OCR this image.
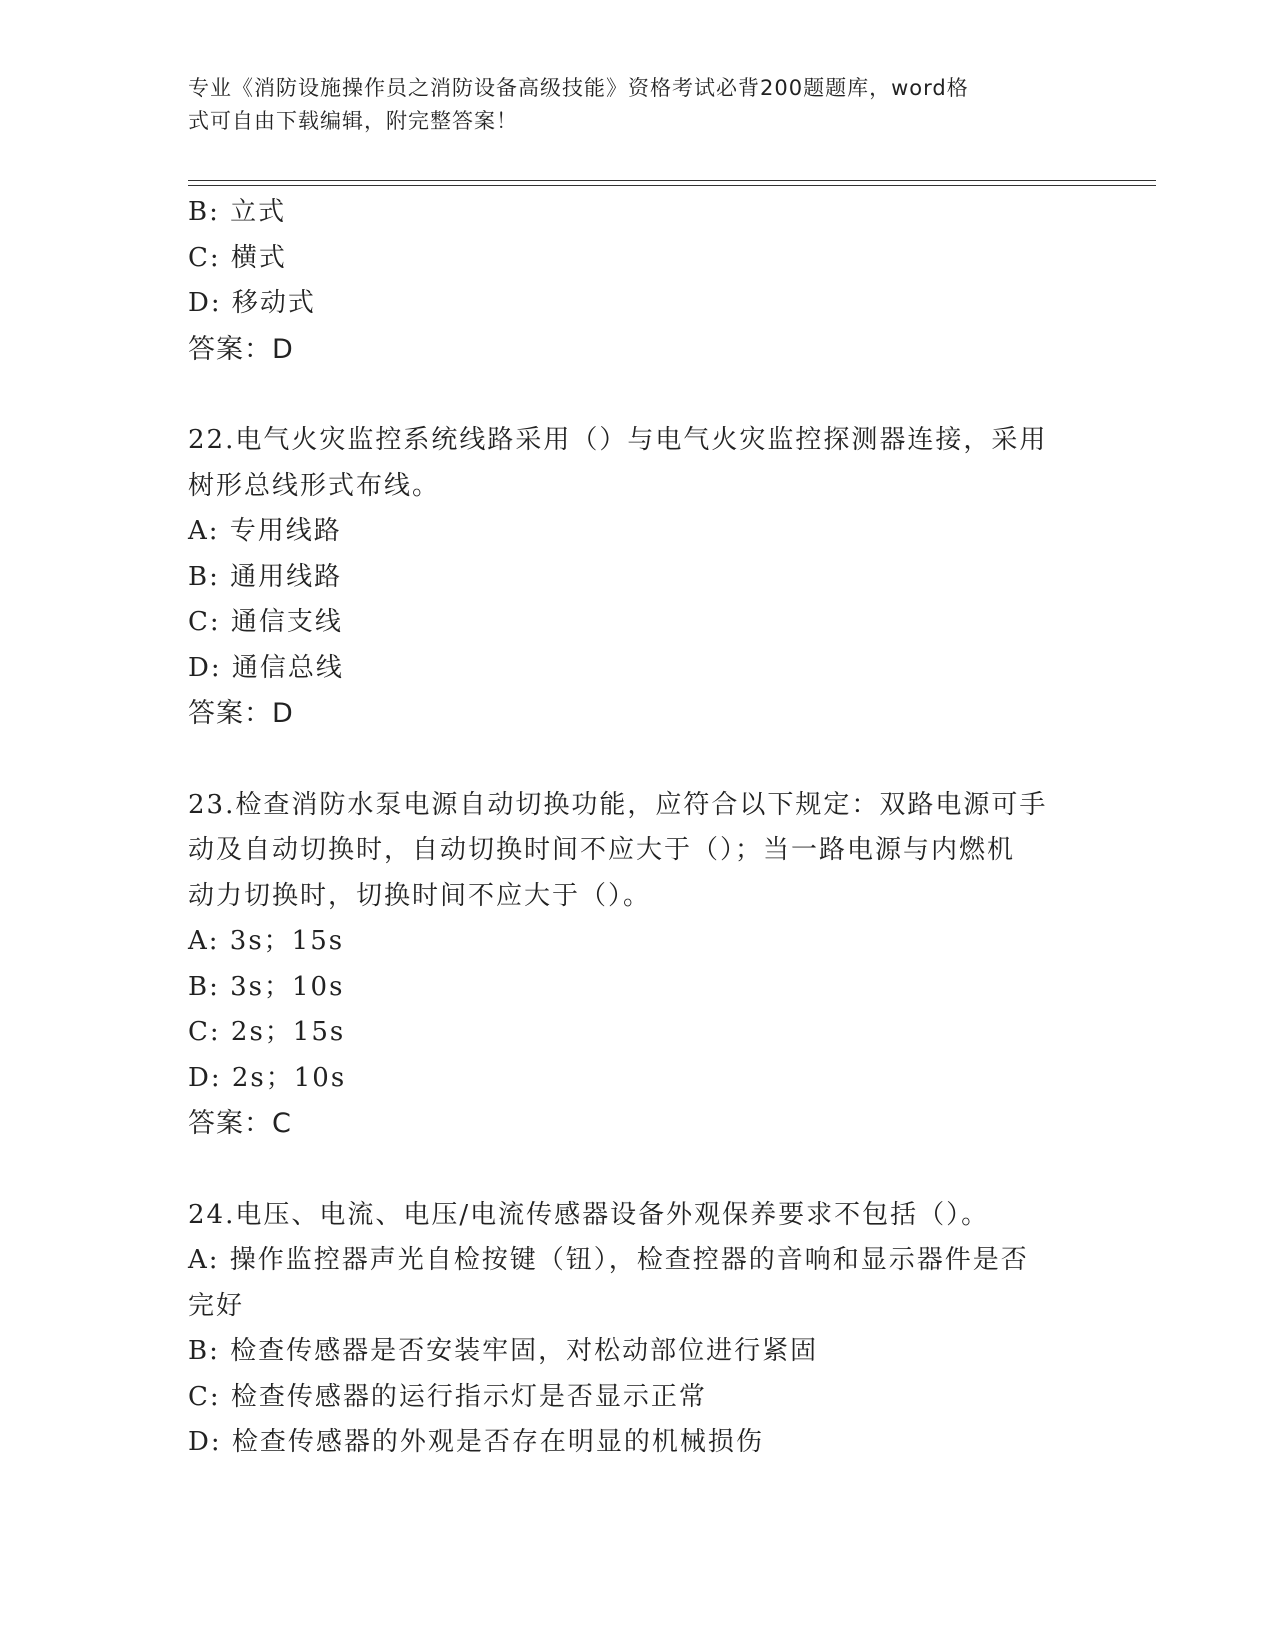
专业《消防设施操作员之消防设备高级技能》资格考试必背200题题库，word格
式可自由下载编辑，附完整答案！
B: 立式
C: 横式
D: 移动式
答案：D
22.电气火灾监控系统线路采用（）与电气火灾监控探测器连接，采用
树形总线形式布线。
A: 专用线路
B: 通用线路
C: 通信支线
D: 通信总线
答案：D
23.检查消防水泵电源自动切换功能，应符合以下规定：双路电源可手
动及自动切换时，自动切换时间不应大于（）；当一路电源与内燃机
动力切换时，切换时间不应大于（）。
A: 3s；15s
B: 3s；10s
C: 2s；15s
D: 2s；10s
答案：C
24.电压、电流、电压/电流传感器设备外观保养要求不包括（）。
A: 操作监控器声光自检按键（钮），检查控器的音响和显示器件是否
完好
B: 检查传感器是否安装牢固，对松动部位进行紧固
C: 检查传感器的运行指示灯是否显示正常
D: 检查传感器的外观是否存在明显的机械损伤
